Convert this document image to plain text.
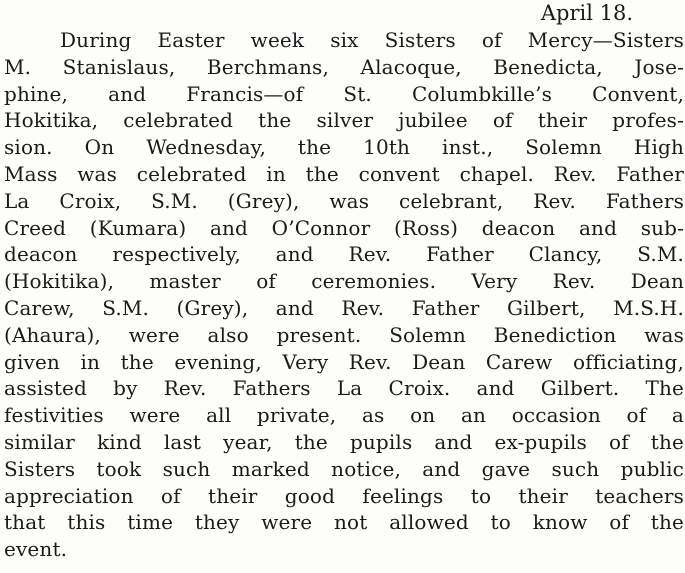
April 18.
During Easter week six Sisters of Mercy—Sisters
M. Stanislaus, Berchmans, Alacoque, Benedicta, Jose-
phine, and Francis—of St. Columbkille’s Convent,
Hokitika, celebrated the silver jubilee of their profes-
sion. On Wednesday, the 10th inst., Solemn High
Mass was celebrated in the convent chapel. Rev. Father
La Croix, S.M. (Grey), was celebrant, Rev. Fathers
Creed (Kumara) and O’Connor (Ross) deacon and sub-
deacon respectively, and Rev. Father Clancy, S.M.
(Hokitika), master of ceremonies. Very Rev. Dean
Carew, S.M. (Grey), and Rev. Father Gilbert, M.S.H.
(Ahaura), were also present. Solemn Benediction was
given in the evening, Very Rev. Dean Carew officiating,
assisted by Rev. Fathers La Croix. and Gilbert. The
festivities were all private, as on an occasion of a
similar kind last year, the pupils and ex-pupils of the
Sisters took such marked notice, and gave such public
appreciation of their good feelings to their teachers
that this time they were not allowed to know of the
event.
